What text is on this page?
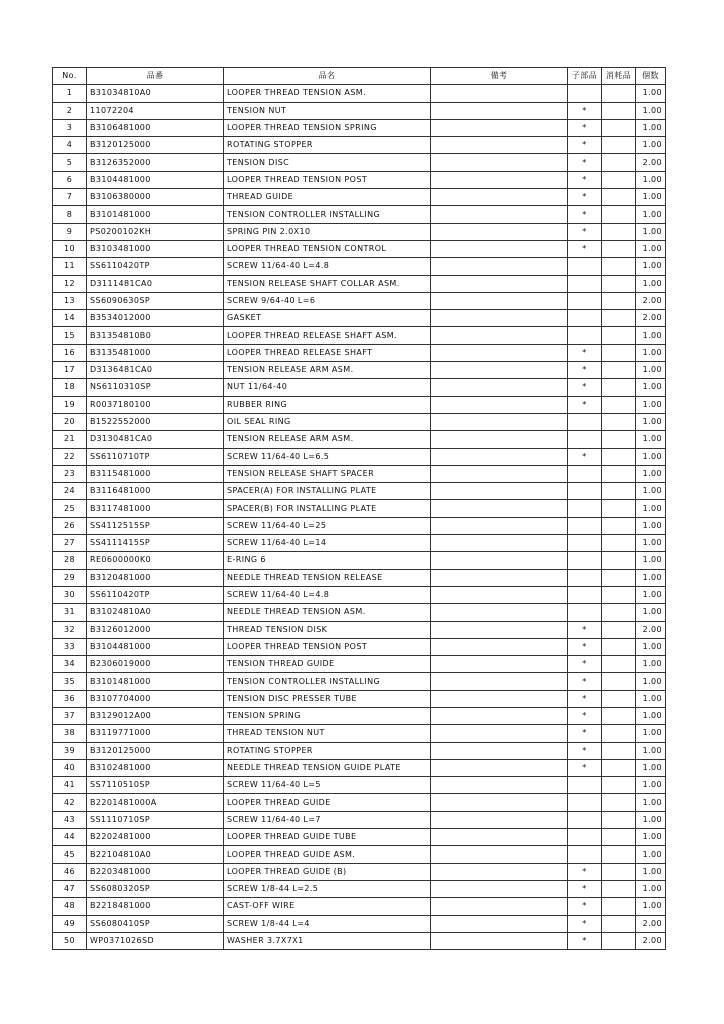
No.	品番	品名	備考	子部品	消耗品	個数
1	B31034810A0	LOOPER THREAD TENSION ASM.				1.00
2	11072204	TENSION NUT		*		1.00
3	B3106481000	LOOPER THREAD TENSION SPRING		*		1.00
4	B3120125000	ROTATING STOPPER		*		1.00
5	B3126352000	TENSION DISC		*		2.00
6	B3104481000	LOOPER THREAD TENSION POST		*		1.00
7	B3106380000	THREAD GUIDE		*		1.00
8	B3101481000	TENSION CONTROLLER INSTALLING		*		1.00
9	PS0200102KH	SPRING PIN 2.0X10		*		1.00
10	B3103481000	LOOPER THREAD TENSION CONTROL		*		1.00
11	SS6110420TP	SCREW 11/64-40 L=4.8				1.00
12	D3111481CA0	TENSION RELEASE SHAFT COLLAR ASM.				1.00
13	SS6090630SP	SCREW 9/64-40 L=6				2.00
14	B3534012000	GASKET				2.00
15	B31354810B0	LOOPER THREAD RELEASE SHAFT ASM.				1.00
16	B3135481000	LOOPER THREAD RELEASE SHAFT		*		1.00
17	D3136481CA0	TENSION RELEASE ARM ASM.		*		1.00
18	NS6110310SP	NUT 11/64-40		*		1.00
19	R0037180100	RUBBER RING		*		1.00
20	B1522552000	OIL SEAL RING				1.00
21	D3130481CA0	TENSION RELEASE ARM ASM.				1.00
22	SS6110710TP	SCREW 11/64-40 L=6.5		*		1.00
23	B3115481000	TENSION RELEASE SHAFT SPACER				1.00
24	B3116481000	SPACER(A) FOR INSTALLING PLATE				1.00
25	B3117481000	SPACER(B) FOR INSTALLING PLATE				1.00
26	SS4112515SP	SCREW 11/64-40 L=25				1.00
27	SS4111415SP	SCREW 11/64-40 L=14				1.00
28	RE0600000K0	E-RING 6				1.00
29	B3120481000	NEEDLE THREAD TENSION RELEASE				1.00
30	SS6110420TP	SCREW 11/64-40 L=4.8				1.00
31	B31024810A0	NEEDLE THREAD TENSION ASM.				1.00
32	B3126012000	THREAD TENSION DISK		*		2.00
33	B3104481000	LOOPER THREAD TENSION POST		*		1.00
34	B2306019000	TENSION THREAD GUIDE		*		1.00
35	B3101481000	TENSION CONTROLLER INSTALLING		*		1.00
36	B3107704000	TENSION DISC PRESSER TUBE		*		1.00
37	B3129012A00	TENSION SPRING		*		1.00
38	B3119771000	THREAD TENSION NUT		*		1.00
39	B3120125000	ROTATING STOPPER		*		1.00
40	B3102481000	NEEDLE THREAD TENSION GUIDE PLATE		*		1.00
41	SS7110510SP	SCREW 11/64-40 L=5				1.00
42	B2201481000A	LOOPER THREAD GUIDE				1.00
43	SS1110710SP	SCREW 11/64-40 L=7				1.00
44	B2202481000	LOOPER THREAD GUIDE TUBE				1.00
45	B22104810A0	LOOPER THREAD GUIDE ASM.				1.00
46	B2203481000	LOOPER THREAD GUIDE (B)		*		1.00
47	SS6080320SP	SCREW 1/8-44 L=2.5		*		1.00
48	B2218481000	CAST-OFF WIRE		*		1.00
49	SS6080410SP	SCREW 1/8-44 L=4		*		2.00
50	WP0371026SD	WASHER 3.7X7X1		*		2.00
